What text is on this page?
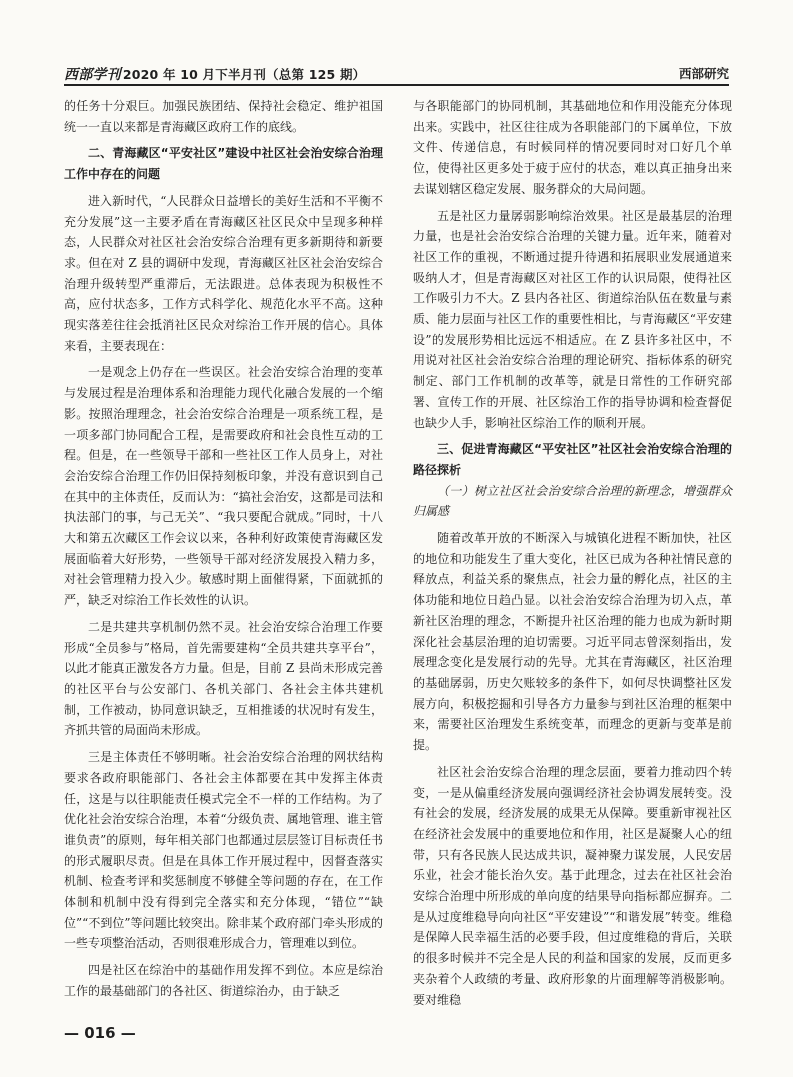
西部学刊 2020 年 10 月下半月刊（总第 125 期）	西部研究

的任务十分艰巨。加强民族团结、保持社会稳定、维护祖国统一一直以来都是青海藏区政府工作的底线。

二、青海藏区“平安社区”建设中社区社会治安综合治理工作中存在的问题

进入新时代，“人民群众日益增长的美好生活和不平衡不充分发展”这一主要矛盾在青海藏区社区民众中呈现多种样态，人民群众对社区社会治安综合治理有更多新期待和新要求。但在对 Z 县的调研中发现，青海藏区社区社会治安综合治理升级转型严重滞后，无法跟进。总体表现为积极性不高，应付状态多，工作方式科学化、规范化水平不高。这种现实落差往往会抵消社区民众对综治工作开展的信心。具体来看，主要表现在：

一是观念上仍存在一些误区。社会治安综合治理的变革与发展过程是治理体系和治理能力现代化融合发展的一个缩影。按照治理理念，社会治安综合治理是一项系统工程，是一项多部门协同配合工程，是需要政府和社会良性互动的工程。但是，在一些领导干部和一些社区工作人员身上，对社会治安综合治理工作仍旧保持刻板印象，并没有意识到自己在其中的主体责任，反而认为：“搞社会治安，这都是司法和执法部门的事，与己无关”、“我只要配合就成。”同时，十八大和第五次藏区工作会议以来，各种利好政策使青海藏区发展面临着大好形势，一些领导干部对经济发展投入精力多，对社会管理精力投入少。敏感时期上面催得紧，下面就抓的严，缺乏对综治工作长效性的认识。

二是共建共享机制仍然不灵。社会治安综合治理工作要形成“全员参与”格局，首先需要建构“全员共建共享平台”，以此才能真正激发各方力量。但是，目前 Z 县尚未形成完善的社区平台与公安部门、各机关部门、各社会主体共建机制，工作被动，协同意识缺乏，互相推诿的状况时有发生，齐抓共管的局面尚未形成。

三是主体责任不够明晰。社会治安综合治理的网状结构要求各政府职能部门、各社会主体都要在其中发挥主体责任，这是与以往职能责任模式完全不一样的工作结构。为了优化社会治安综合治理，本着“分级负责、属地管理、谁主管谁负责”的原则，每年相关部门也都通过层层签订目标责任书的形式履职尽责。但是在具体工作开展过程中，因督查落实机制、检查考评和奖惩制度不够健全等问题的存在，在工作体制和机制中没有得到完全落实和充分体现，“错位”“缺位”“不到位”等问题比较突出。除非某个政府部门牵头形成的一些专项整治活动，否则很难形成合力，管理难以到位。

四是社区在综治中的基础作用发挥不到位。本应是综治工作的最基础部门的各社区、街道综治办，由于缺乏

与各职能部门的协同机制，其基础地位和作用没能充分体现出来。实践中，社区往往成为各职能部门的下属单位，下放文件、传递信息，有时候同样的情况要同时对口好几个单位，使得社区更多处于疲于应付的状态，难以真正抽身出来去谋划辖区稳定发展、服务群众的大局问题。

五是社区力量孱弱影响综治效果。社区是最基层的治理力量，也是社会治安综合治理的关键力量。近年来，随着对社区工作的重视，不断通过提升待遇和拓展职业发展通道来吸纳人才，但是青海藏区对社区工作的认识局限，使得社区工作吸引力不大。Z 县内各社区、街道综治队伍在数量与素质、能力层面与社区工作的重要性相比，与青海藏区“平安建设”的发展形势相比远远不相适应。在 Z 县许多社区中，不用说对社区社会治安综合治理的理论研究、指标体系的研究制定、部门工作机制的改革等，就是日常性的工作研究部署、宣传工作的开展、社区综治工作的指导协调和检查督促也缺少人手，影响社区综治工作的顺利开展。

三、促进青海藏区“平安社区”社区社会治安综合治理的路径探析
（一）树立社区社会治安综合治理的新理念，增强群众归属感

随着改革开放的不断深入与城镇化进程不断加快，社区的地位和功能发生了重大变化，社区已成为各种社情民意的释放点，利益关系的聚焦点，社会力量的孵化点，社区的主体功能和地位日趋凸显。以社会治安综合治理为切入点，革新社区治理的理念，不断提升社区治理的能力也成为新时期深化社会基层治理的迫切需要。习近平同志曾深刻指出，发展理念变化是发展行动的先导。尤其在青海藏区，社区治理的基础孱弱，历史欠账较多的条件下，如何尽快调整社区发展方向，积极挖掘和引导各方力量参与到社区治理的框架中来，需要社区治理发生系统变革，而理念的更新与变革是前提。

社区社会治安综合治理的理念层面，要着力推动四个转变，一是从偏重经济发展向强调经济社会协调发展转变。没有社会的发展，经济发展的成果无从保障。要重新审视社区在经济社会发展中的重要地位和作用，社区是凝聚人心的纽带，只有各民族人民达成共识，凝神聚力谋发展，人民安居乐业，社会才能长治久安。基于此理念，过去在社区社会治安综合治理中所形成的单向度的结果导向指标都应摒弃。二是从过度维稳导向向社区“平安建设”“和谐发展”转变。维稳是保障人民幸福生活的必要手段，但过度维稳的背后，关联的很多时候并不完全是人民的利益和国家的发展，反而更多夹杂着个人政绩的考量、政府形象的片面理解等消极影响。要对维稳

— 016 —
